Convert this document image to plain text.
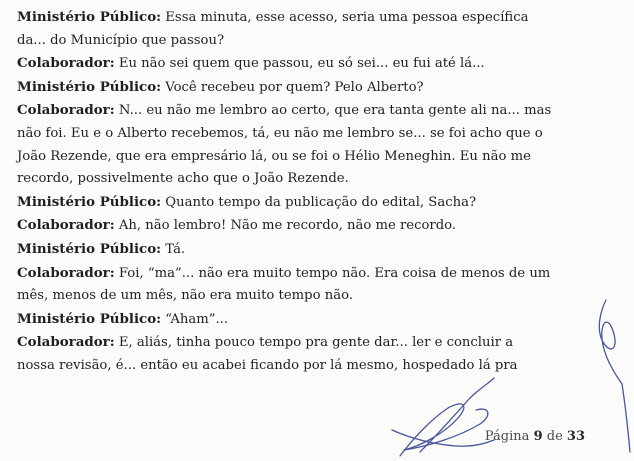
Ministério Público: Essa minuta, esse acesso, seria uma pessoa específica
da... do Município que passou?
Colaborador: Eu não sei quem que passou, eu só sei... eu fui até lá...
Ministério Público: Você recebeu por quem? Pelo Alberto?
Colaborador: N... eu não me lembro ao certo, que era tanta gente ali na... mas
não foi. Eu e o Alberto recebemos, tá, eu não me lembro se... se foi acho que o
João Rezende, que era empresário lá, ou se foi o Hélio Meneghin. Eu não me
recordo, possivelmente acho que o João Rezende.
Ministério Público: Quanto tempo da publicação do edital, Sacha?
Colaborador: Ah, não lembro! Não me recordo, não me recordo.
Ministério Público: Tá.
Colaborador: Foi, “ma”... não era muito tempo não. Era coisa de menos de um
mês, menos de um mês, não era muito tempo não.
Ministério Público: “Aham”...
Colaborador: E, aliás, tinha pouco tempo pra gente dar... ler e concluir a
nossa revisão, é... então eu acabei ficando por lá mesmo, hospedado lá pra
Página 9 de 33
